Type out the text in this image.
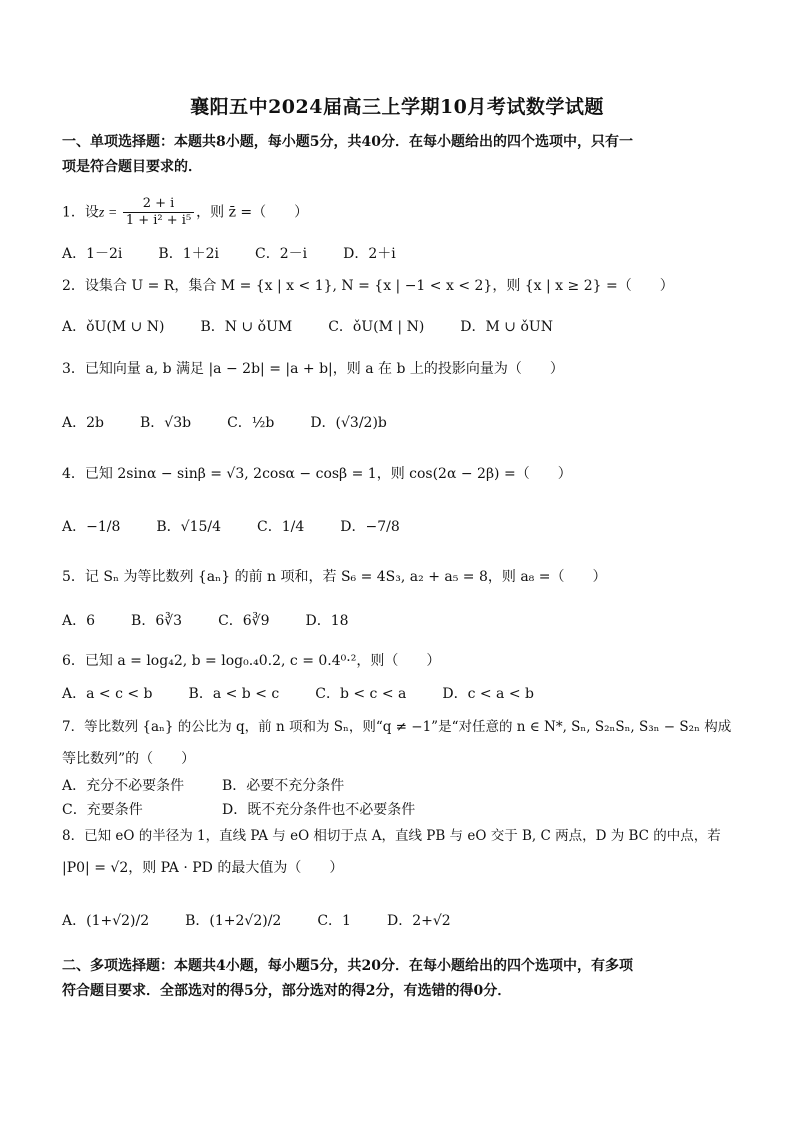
襄阳五中2024届高三上学期10月考试数学试题
一、单项选择题：本题共8小题，每小题5分，共40分．在每小题给出的四个选项中，只有一
项是符合题目要求的．
1．设$z = \frac{2 + i}{\text{1 + i² + i⁵}}$ ，则 z̄ =（　　）
A．1－2i	B．1＋2i	C．2－i	D．2＋i
2．设集合 U = R，集合 M = {x | x < 1}, N = {x | −1 < x < 2}，则 {x | x ≥ 2} =（　　）
A．ǒU(M ∪ N)	B．N ∪ ǒUM	C．ǒU(M | N)	D．M ∪ ǒUN
3．已知向量 a, b 满足 |a − 2b| = |a + b|，则 a 在 b 上的投影向量为（　　）
A．2b	B．√3b	C．½b	D．(√3/2)b
4．已知 2sinα − sinβ = √3, 2cosα − cosβ = 1，则 cos(2α − 2β) =（　　）
A．−1/8	B．√15/4	C．1/4	D．−7/8
5．记 Sₙ 为等比数列 {aₙ} 的前 n 项和，若 S₆ = 4S₃, a₂ + a₅ = 8，则 a₈ =（　　）
A．6	B．6∛3	C．6∛9	D．18
6．已知 a = log₄2, b = log₀.₄0.2, c = 0.4⁰·²，则（　　）
A．a < c < b	B．a < b < c	C．b < c < a	D．c < a < b
7．等比数列 {aₙ} 的公比为 q，前 n 项和为 Sₙ，则“q ≠ −1”是“对任意的 n ∈ N*, Sₙ, S₂ₙSₙ, S₃ₙ − S₂ₙ 构成
等比数列”的（　　）
A．充分不必要条件	B．必要不充分条件
C．充要条件	D．既不充分条件也不必要条件
8．已知 eO 的半径为 1，直线 PA 与 eO 相切于点 A，直线 PB 与 eO 交于 B, C 两点，D 为 BC 的中点，若
|P0| = √2，则 PA · PD 的最大值为（　　）
A．(1+√2)/2	B．(1+2√2)/2	C．1	D．2+√2
二、多项选择题：本题共4小题，每小题5分，共20分．在每小题给出的四个选项中，有多项
符合题目要求．全部选对的得5分，部分选对的得2分，有选错的得0分．
